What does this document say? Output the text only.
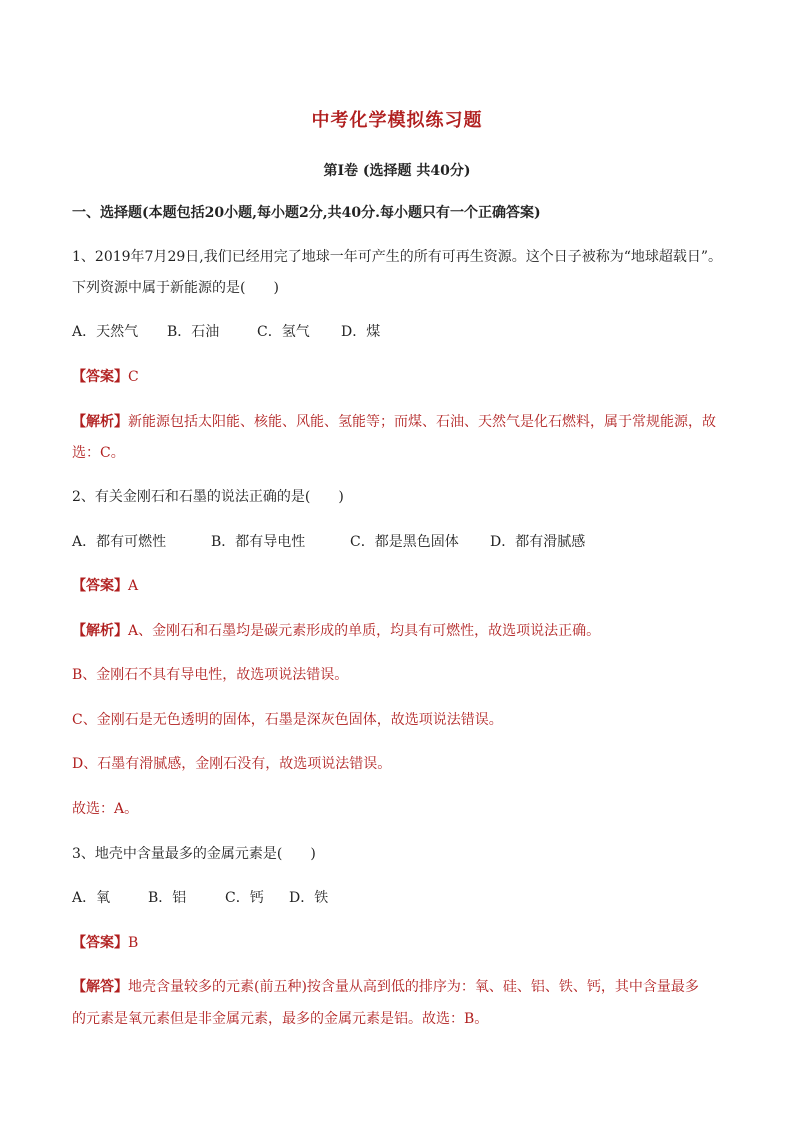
中考化学模拟练习题
第Ⅰ卷 (选择题 共40分)
一、选择题(本题包括20小题,每小题2分,共40分.每小题只有一个正确答案)
1、2019年7月29日,我们已经用完了地球一年可产生的所有可再生资源。这个日子被称为“地球超载日”。
下列资源中属于新能源的是(　　)
A．天然气 B．石油	C．氢气 D．煤
【答案】C
【解析】新能源包括太阳能、核能、风能、氢能等；而煤、石油、天然气是化石燃料，属于常规能源，故
选：C。
2、有关金刚石和石墨的说法正确的是(　　)
A．都有可燃性	B．都有导电性	C．都是黑色固体 D．都有滑腻感
【答案】A
【解析】A、金刚石和石墨均是碳元素形成的单质，均具有可燃性，故选项说法正确。
B、金刚石不具有导电性，故选项说法错误。
C、金刚石是无色透明的固体，石墨是深灰色固体，故选项说法错误。
D、石墨有滑腻感，金刚石没有，故选项说法错误。
故选：A。
3、地壳中含量最多的金属元素是(　　)
A．氧	B．铝	C．钙 D．铁
【答案】B
【解答】地壳含量较多的元素(前五种)按含量从高到低的排序为：氧、硅、铝、铁、钙，其中含量最多
的元素是氧元素但是非金属元素，最多的金属元素是铝。故选：B。
